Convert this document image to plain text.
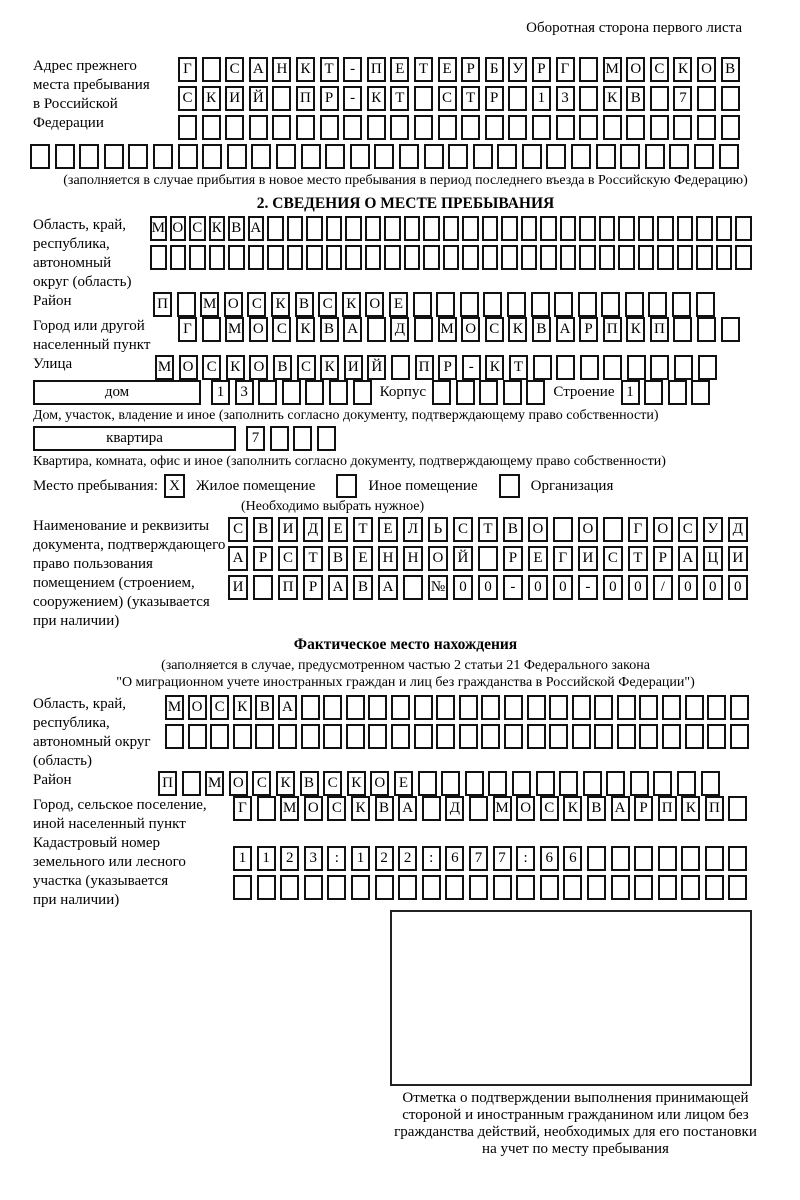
Оборотная сторона первого листа
Адрес прежнего
места пребывания
в Российской
Федерации
Г	С А Н К Т	-	П Е Т Е Р	Б У Р	Г	М О С К О В
С К И Й П Р	-	К Т	С Т Р	1	3	К В	7
(заполняется в случае прибытия в новое место пребывания в период последнего въезда в Российскую Федерацию)
2. СВЕДЕНИЯ О МЕСТЕ ПРЕБЫВАНИЯ
Область, край,
республика,
автономный
округ (область)
М О С К В А
Район	П М О С К В С К О Е
Город или другой
населенный пункт
Г	М О С К В А Д М О С К В А Р П К П
Улица	М О С К О В С К И Й П Р	-	К Т
дом	1	3	Корпус	Строение 1
Дом, участок, владение и иное (заполнить согласно документу, подтверждающему право собственности)
квартира	7
Квартира, комната, офис и иное (заполнить согласно документу, подтверждающему право собственности)
Место пребывания: X	Жилое помещение	Иное помещение	Организация
(Необходимо выбрать нужное)
Наименование и реквизиты
документа, подтверждающего
право пользования
помещением (строением,
сооружением) (указывается
при наличии)
С В И Д	Е	Т	Е	Л	Ь	С	Т	В О	О	Г	О С У Д
А	Р	С	Т	В	Е Н Н О Й	Р	Е	Г	И С	Т	Р	А Ц И
И	П	Р	А В А	№ 0	0	-	0	0	-	0	0	/	0	0	0
Фактическое место нахождения
(заполняется в случае, предусмотренном частью 2 статьи 21 Федерального закона
"О миграционном учете иностранных граждан и лиц без гражданства в Российской Федерации")
Область, край,
республика,
автономный округ
(область)
М О С К В А
Район	П М О С К В С К О Е
Город, сельское поселение,
иной населенный пункт
Г	М О С К В А Д М О С К В А Р П К П
Кадастровый номер
земельного или лесного
участка (указывается
при наличии)
1	1	2	3	:	1	2	2	:	6	7	7	:	6	6
Отметка о подтверждении выполнения принимающей
стороной и иностранным гражданином или лицом без
гражданства действий, необходимых для его постановки
на учет по месту пребывания
